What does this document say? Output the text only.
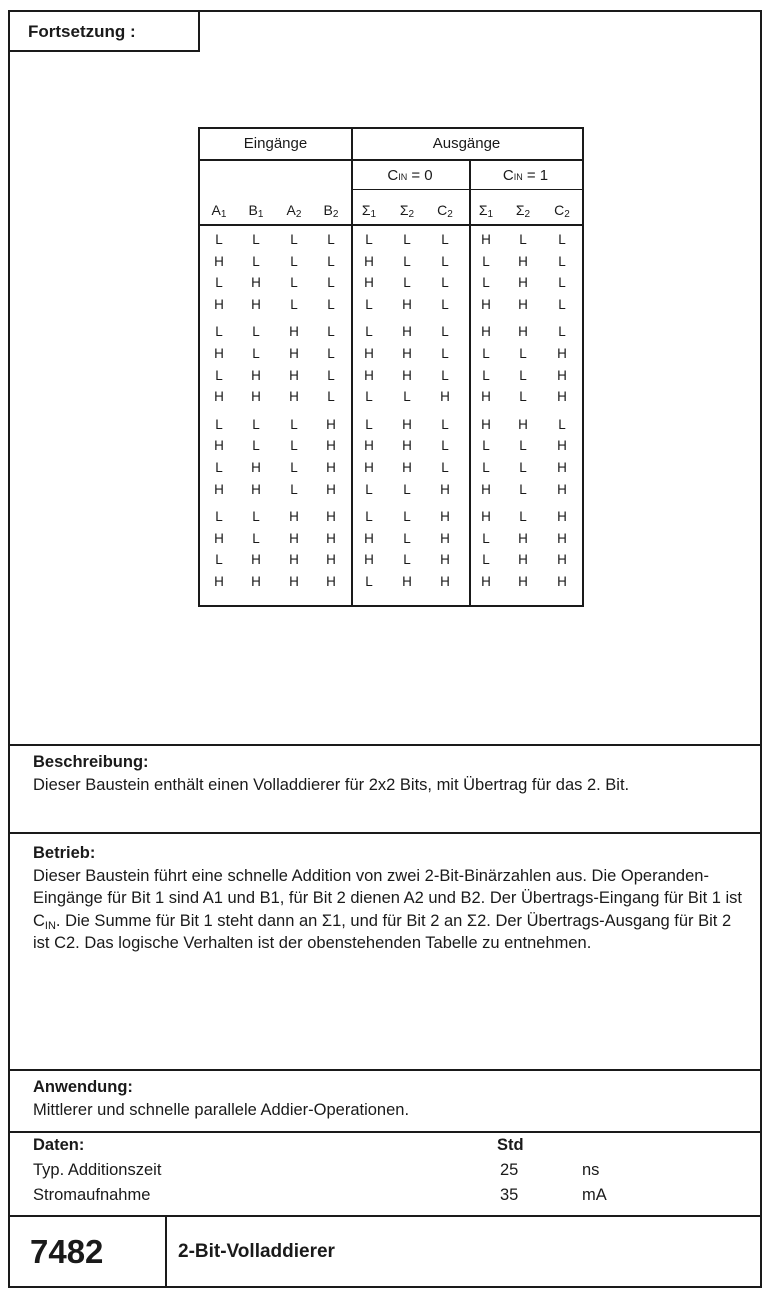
Fortsetzung :
Eingänge	Ausgänge
CIN = 0	CIN = 1
$A_1$	$B_1$	$A_2$	$B_2$	$\Sigma_1$	$\Sigma_2$	$C_2$	$\Sigma_1$	$\Sigma_2$	$C_2$
L	L	L	L	L	L	L	H	L	L
H	L	L	L	H	L	L	L	H	L
L	H	L	L	H	L	L	L	H	L
H	H	L	L	L	H	L	H	H	L
L	L	H	L	L	H	L	H	H	L
H	L	H	L	H	H	L	L	L	H
L	H	H	L	H	H	L	L	L	H
H	H	H	L	L	L	H	H	L	H
L	L	L	H	L	H	L	H	H	L
H	L	L	H	H	H	L	L	L	H
L	H	L	H	H	H	L	L	L	H
H	H	L	H	L	L	H	H	L	H
L	L	H	H	L	L	H	H	L	H
H	L	H	H	H	L	H	L	H	H
L	H	H	H	H	L	H	L	H	H
H	H	H	H	L	H	H	H	H	H
Beschreibung:
Dieser Baustein enthält einen Volladdierer für 2x2 Bits, mit Übertrag für das 2. Bit.
Betrieb:
Dieser Baustein führt eine schnelle Addition von zwei 2-Bit-Binärzahlen aus. Die Operanden-Eingänge für Bit 1 sind A1 und B1, für Bit 2 dienen A2 und B2. Der Übertrags-Eingang für Bit 1 ist $C_{IN}$. Die Summe für Bit 1 steht dann an Σ1, und für Bit 2 an Σ2. Der Übertrags-Ausgang für Bit 2 ist C2. Das logische Verhalten ist der obenstehenden Tabelle zu entnehmen.
Anwendung:
Mittlerer und schnelle parallele Addier-Operationen.
Daten:	Std
Typ. Additionszeit	25	ns
Stromaufnahme	35	mA
7482	2-Bit-Volladdierer
